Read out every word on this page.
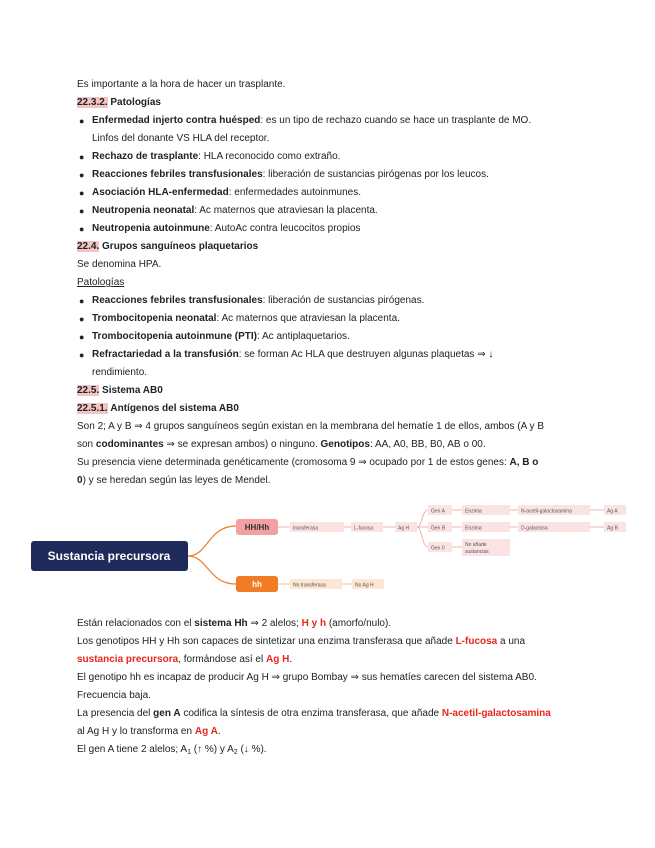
Es importante a la hora de hacer un trasplante.
22.3.2. Patologías
● Enfermedad injerto contra huésped: es un tipo de rechazo cuando se hace un trasplante de MO.
Linfos del donante VS HLA del receptor.
● Rechazo de trasplante: HLA reconocido como extraño.
● Reacciones febriles transfusionales: liberación de sustancias pirógenas por los leucos.
● Asociación HLA-enfermedad: enfermedades autoinmunes.
● Neutropenia neonatal: Ac maternos que atraviesan la placenta.
● Neutropenia autoinmune: AutoAc contra leucocitos propios
22.4. Grupos sanguíneos plaquetarios
Se denomina HPA.
Patologías
● Reacciones febriles transfusionales: liberación de sustancias pirógenas.
● Trombocitopenia neonatal: Ac maternos que atraviesan la placenta.
● Trombocitopenia autoinmune (PTI): Ac antiplaquetarios.
● Refractariedad a la transfusión: se forman Ac HLA que destruyen algunas plaquetas ⇒ ↓
rendimiento.
22.5. Sistema AB0
22.5.1. Antígenos del sistema AB0
Son 2; A y B ⇒ 4 grupos sanguíneos según existan en la membrana del hematíe 1 de ellos, ambos (A y B
son codominantes ⇒ se expresan ambos) o ninguno. Genotipos: AA, A0, BB, B0, AB o 00.
Su presencia viene determinada genéticamente (cromosoma 9 ⇒ ocupado por 1 de estos genes: A, B o
0) y se heredan según las leyes de Mendel.
Sustancia precursora
HH/Hh
hh
transferasa	L-fucosa	Ag H
Gen A
Gen B
Gen 0
Enzima
Enzima
No añade
sustancias
N-acetil-galactosamina
D-galactosa
Ag A
Ag B
No transferasa	No Ag H
Están relacionados con el sistema Hh ⇒ 2 alelos; H y h (amorfo/nulo).
Los genotipos HH y Hh son capaces de sintetizar una enzima transferasa que añade L-fucosa a una
sustancia precursora, formándose así el Ag H.
El genotipo hh es incapaz de producir Ag H ⇒ grupo Bombay ⇒ sus hematíes carecen del sistema AB0.
Frecuencia baja.
La presencia del gen A codifica la síntesis de otra enzima transferasa, que añade N-acetil-galactosamina
al Ag H y lo transforma en Ag A.
El gen A tiene 2 alelos; $A_1$ (↑ %) y $A_2$ (↓ %).
